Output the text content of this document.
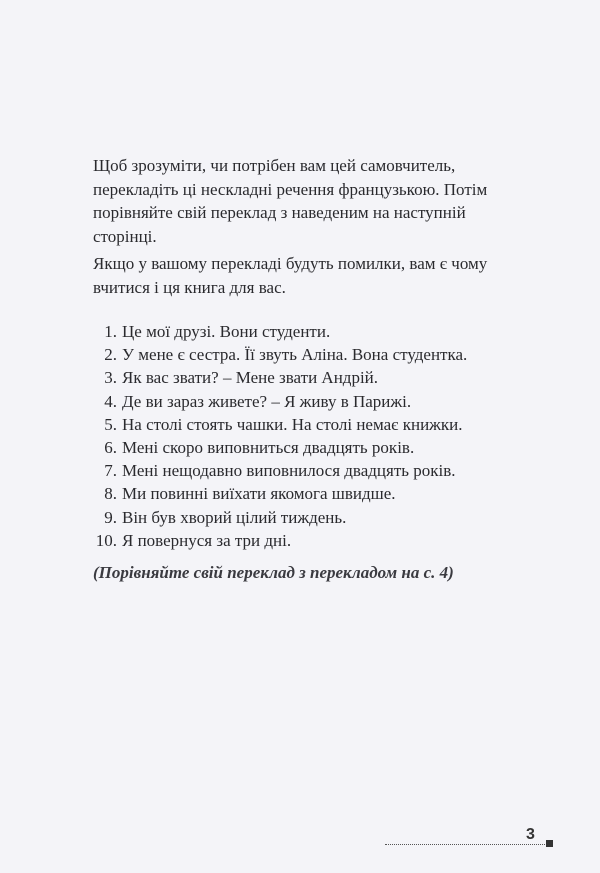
Щоб зрозуміти, чи потрібен вам цей самовчитель,
перекладіть ці нескладні речення французькою. Потім
порівняйте свій переклад з наведеним на наступній
сторінці.
Якщо у вашому перекладі будуть помилки, вам є чому
вчитися і ця книга для вас.
1. Це мої друзі. Вони студенти.
2. У мене є сестра. Її звуть Аліна. Вона студентка.
3. Як вас звати? – Мене звати Андрій.
4. Де ви зараз живете? – Я живу в Парижі.
5. На столі стоять чашки. На столі немає книжки.
6. Мені скоро виповниться двадцять років.
7. Мені нещодавно виповнилося двадцять років.
8. Ми повинні виїхати якомога швидше.
9. Він був хворий цілий тиждень.
10. Я повернуся за три дні.
(Порівняйте свій переклад з перекладом на с. 4)
3
